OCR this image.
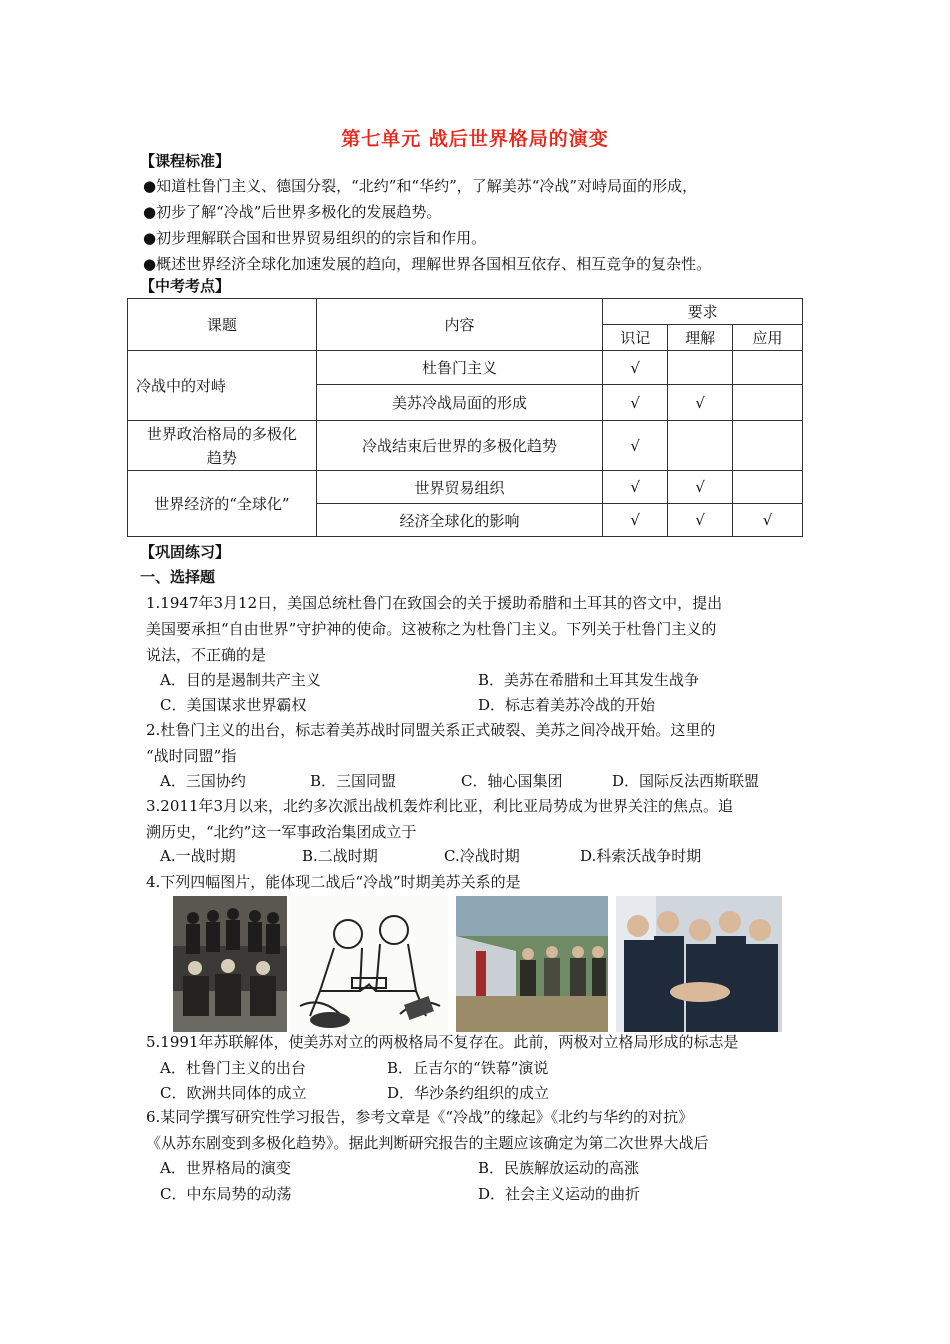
第七单元 战后世界格局的演变
【课程标准】
●知道杜鲁门主义、德国分裂，“北约”和“华约”，了解美苏“冷战”对峙局面的形成，
●初步了解“冷战”后世界多极化的发展趋势。
●初步理解联合国和世界贸易组织的的宗旨和作用。
●概述世界经济全球化加速发展的趋向，理解世界各国相互依存、相互竞争的复杂性。
【中考考点】
课题	内容	要求		
		识记	理解	应用
冷战中的对峙	杜鲁门主义	√		
	美苏冷战局面的形成	√	√	
世界政治格局的多极化趋势	冷战结束后世界的多极化趋势	√		
世界经济的“全球化”	世界贸易组织	√	√	
	经济全球化的影响	√	√	√
【巩固练习】
一、选择题
1.1947年3月12日，美国总统杜鲁门在致国会的关于援助希腊和土耳其的咨文中，提出
美国要承担“自由世界”守护神的使命。这被称之为杜鲁门主义。下列关于杜鲁门主义的
说法，不正确的是
A．目的是遏制共产主义	B．美苏在希腊和土耳其发生战争
C．美国谋求世界霸权	D．标志着美苏冷战的开始
2.杜鲁门主义的出台，标志着美苏战时同盟关系正式破裂、美苏之间冷战开始。这里的
“战时同盟”指
A．三国协约	B．三国同盟	C．轴心国集团	D．国际反法西斯联盟
3.2011年3月以来，北约多次派出战机轰炸利比亚，利比亚局势成为世界关注的焦点。追
溯历史，“北约”这一军事政治集团成立于
A.一战时期	B.二战时期	C.冷战时期	D.科索沃战争时期
4.下列四幅图片，能体现二战后“冷战”时期美苏关系的是
5.1991年苏联解体，使美苏对立的两极格局不复存在。此前，两极对立格局形成的标志是
A．杜鲁门主义的出台	B．丘吉尔的“铁幕”演说
C．欧洲共同体的成立	D．华沙条约组织的成立
6.某同学撰写研究性学习报告，参考文章是《“冷战”的缘起》《北约与华约的对抗》
《从苏东剧变到多极化趋势》。据此判断研究报告的主题应该确定为第二次世界大战后
A．世界格局的演变	B．民族解放运动的高涨
C．中东局势的动荡	D．社会主义运动的曲折
